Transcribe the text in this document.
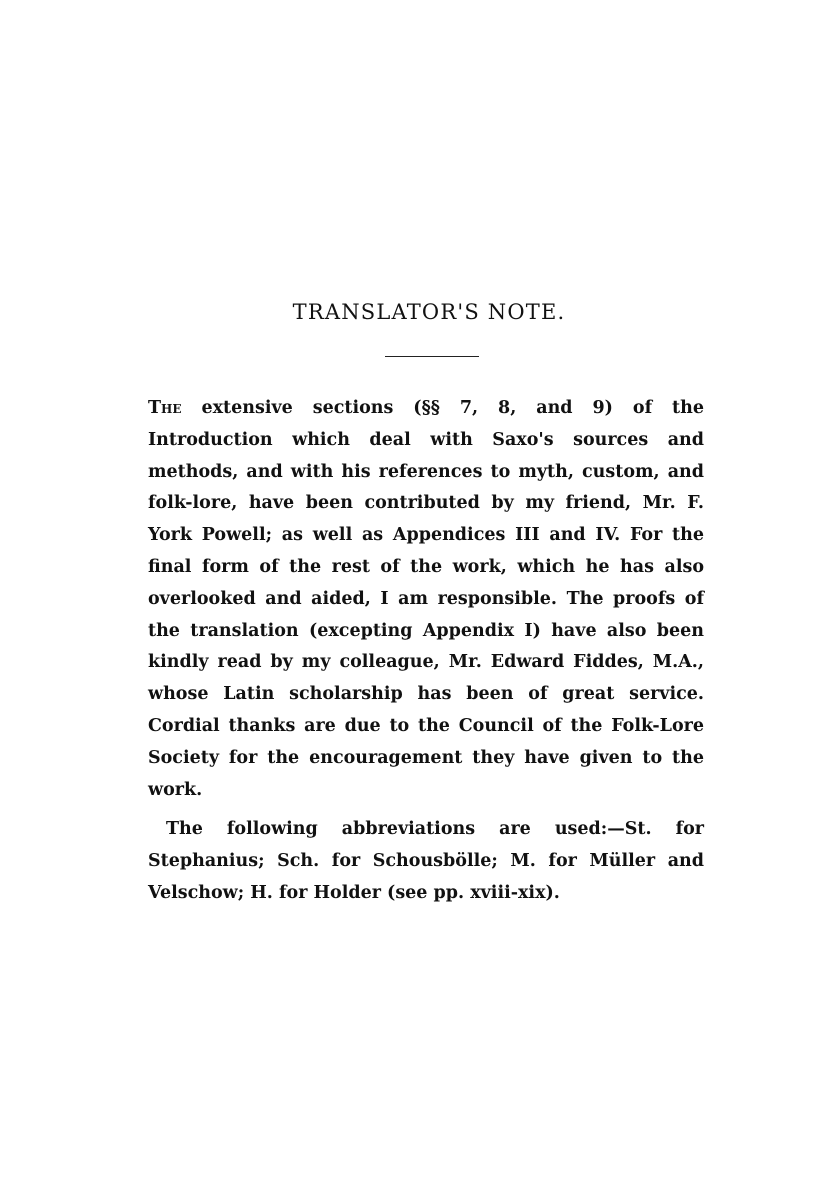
TRANSLATOR'S NOTE.

The extensive sections (§§ 7, 8, and 9) of the Introduction which deal with Saxo's sources and methods, and with his references to myth, custom, and folk-lore, have been contributed by my friend, Mr. F. York Powell; as well as Appendices III and IV. For the final form of the rest of the work, which he has also overlooked and aided, I am responsible. The proofs of the translation (excepting Appendix I) have also been kindly read by my colleague, Mr. Edward Fiddes, M.A., whose Latin scholarship has been of great service. Cordial thanks are due to the Council of the Folk-Lore Society for the encouragement they have given to the work.

The following abbreviations are used:—St. for Stephanius; Sch. for Schousbölle; M. for Müller and Velschow; H. for Holder (see pp. xviii-xix).
